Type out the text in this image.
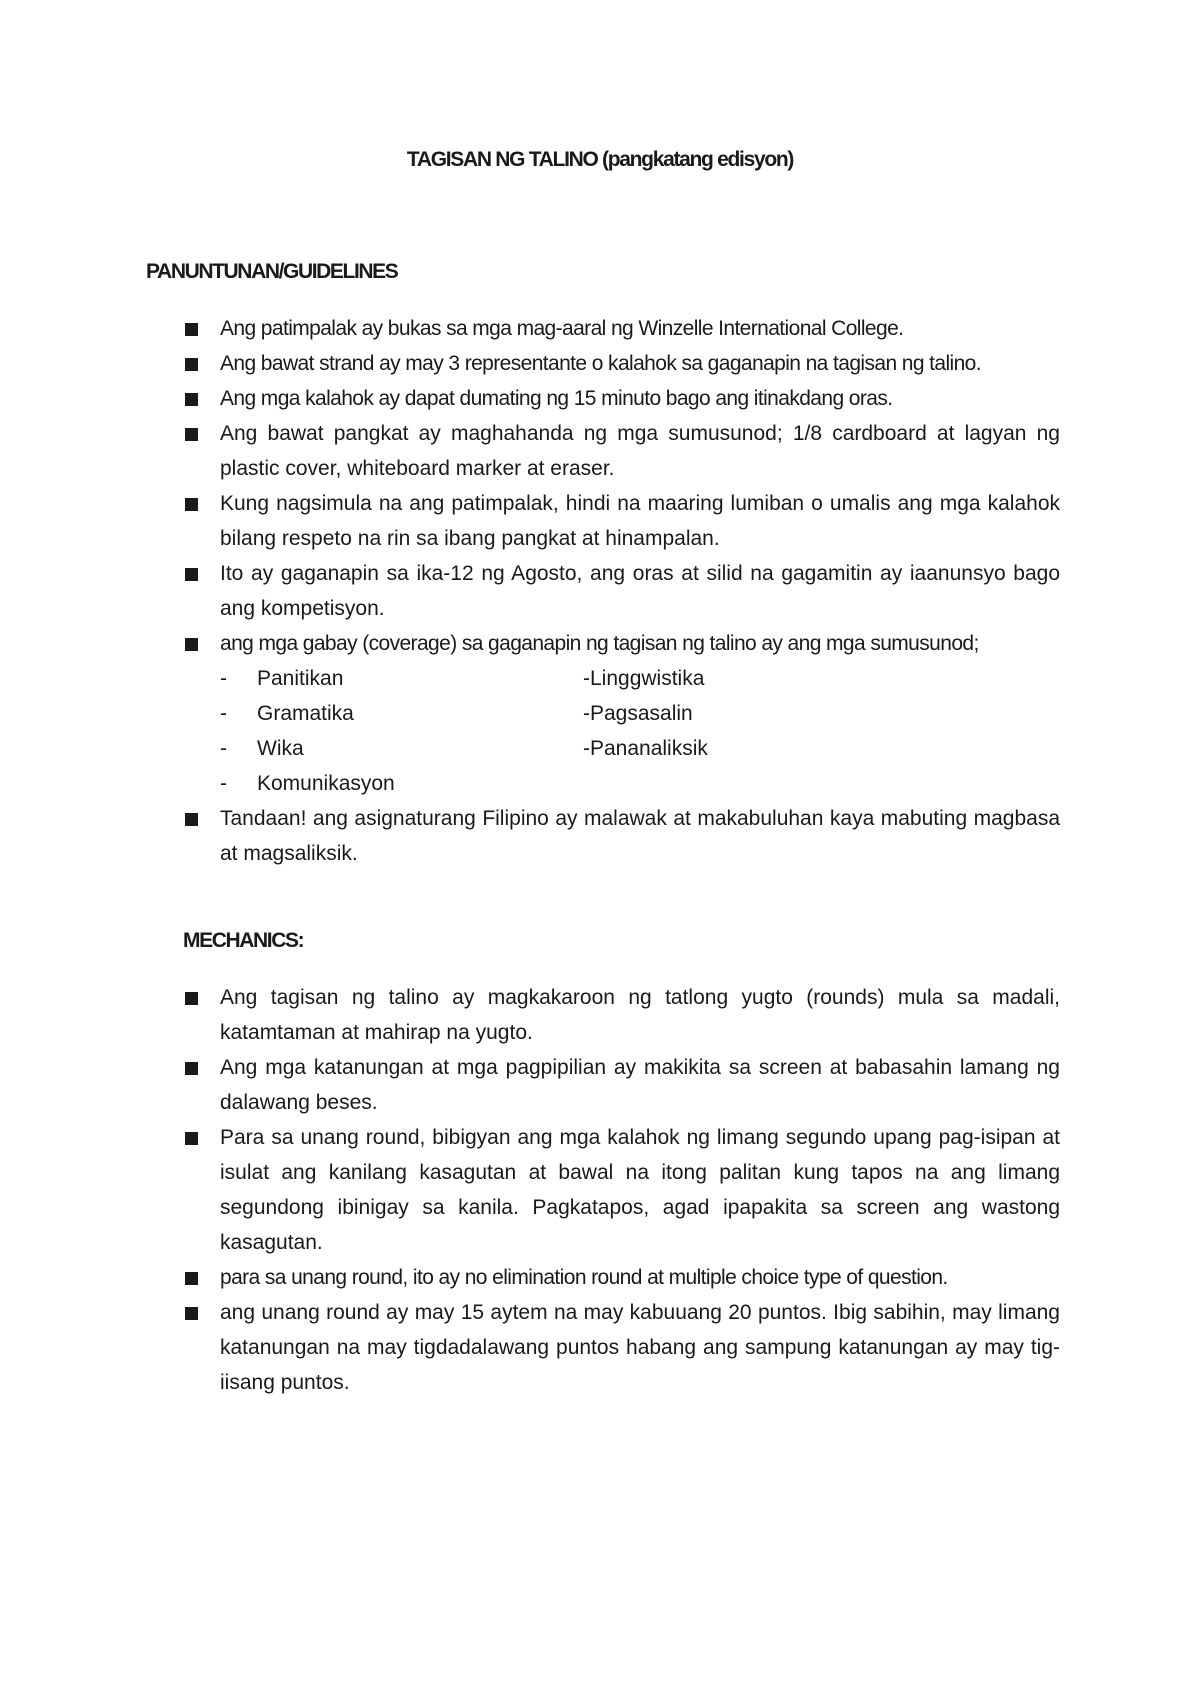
TAGISAN NG TALINO (pangkatang edisyon)
PANUNTUNAN/GUIDELINES
Ang patimpalak ay bukas sa mga mag-aaral ng Winzelle International College.
Ang bawat strand ay may 3 representante o kalahok sa gaganapin na tagisan ng talino.
Ang mga kalahok ay dapat dumating ng 15 minuto bago ang itinakdang oras.
Ang bawat pangkat ay maghahanda ng mga sumusunod; 1/8 cardboard at lagyan ng plastic cover, whiteboard marker at eraser.
Kung nagsimula na ang patimpalak, hindi na maaring lumiban o umalis ang mga kalahok bilang respeto na rin sa ibang pangkat at hinampalan.
Ito ay gaganapin sa ika-12 ng Agosto, ang oras at silid na gagamitin ay iaanunsyo bago ang kompetisyon.
ang mga gabay (coverage) sa gaganapin ng tagisan ng talino ay ang mga sumusunod;
- Panitikan	-Linggwistika
- Gramatika	-Pagsasalin
- Wika	-Pananaliksik
- Komunikasyon
Tandaan! ang asignaturang Filipino ay malawak at makabuluhan kaya mabuting magbasa at magsaliksik.
MECHANICS:
Ang tagisan ng talino ay magkakaroon ng tatlong yugto (rounds) mula sa madali, katamtaman at mahirap na yugto.
Ang mga katanungan at mga pagpipilian ay makikita sa screen at babasahin lamang ng dalawang beses.
Para sa unang round, bibigyan ang mga kalahok ng limang segundo upang pag-isipan at isulat ang kanilang kasagutan at bawal na itong palitan kung tapos na ang limang segundong ibinigay sa kanila. Pagkatapos, agad ipapakita sa screen ang wastong kasagutan.
para sa unang round, ito ay no elimination round at multiple choice type of question.
ang unang round ay may 15 aytem na may kabuuang 20 puntos. Ibig sabihin, may limang katanungan na may tigdadalawang puntos habang ang sampung katanungan ay may tig-iisang puntos.
